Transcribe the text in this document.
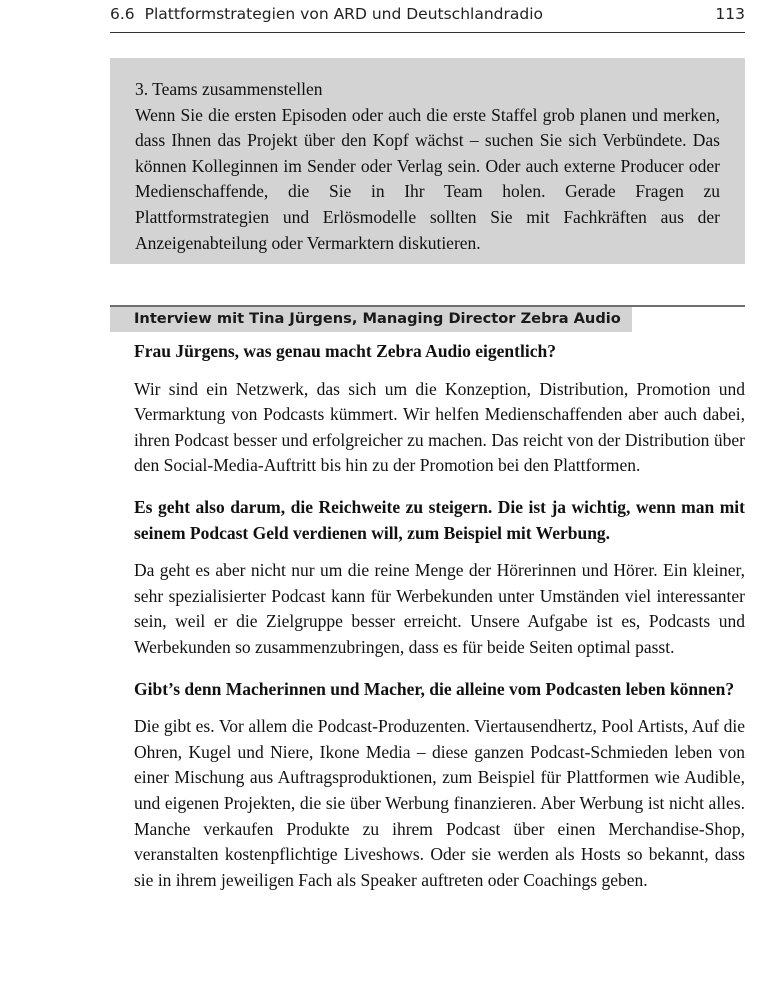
6.6 Plattformstrategien von ARD und Deutschlandradio	113
3. Teams zusammenstellen
Wenn Sie die ersten Episoden oder auch die erste Staffel grob planen und merken, dass Ihnen das Projekt über den Kopf wächst – suchen Sie sich Verbündete. Das können Kolleginnen im Sender oder Verlag sein. Oder auch externe Producer oder Medienschaffende, die Sie in Ihr Team holen. Gerade Fragen zu Plattformstrategien und Erlösmodelle sollten Sie mit Fachkräften aus der Anzeigenabteilung oder Vermarktern diskutieren.
Interview mit Tina Jürgens, Managing Director Zebra Audio

Frau Jürgens, was genau macht Zebra Audio eigentlich?

Wir sind ein Netzwerk, das sich um die Konzeption, Distribution, Promotion und Vermarktung von Podcasts kümmert. Wir helfen Medienschaffenden aber auch dabei, ihren Podcast besser und erfolgreicher zu machen. Das reicht von der Distribution über den Social-Media-Auftritt bis hin zu der Promotion bei den Plattformen.

Es geht also darum, die Reichweite zu steigern. Die ist ja wichtig, wenn man mit seinem Podcast Geld verdienen will, zum Beispiel mit Werbung.

Da geht es aber nicht nur um die reine Menge der Hörerinnen und Hörer. Ein kleiner, sehr spezialisierter Podcast kann für Werbekunden unter Umständen viel interessanter sein, weil er die Zielgruppe besser erreicht. Unsere Aufgabe ist es, Podcasts und Werbekunden so zusammenzubringen, dass es für beide Seiten optimal passt.

Gibt’s denn Macherinnen und Macher, die alleine vom Podcasten leben können?

Die gibt es. Vor allem die Podcast-Produzenten. Viertausendhertz, Pool Artists, Auf die Ohren, Kugel und Niere, Ikone Media – diese ganzen Podcast-Schmieden leben von einer Mischung aus Auftragsproduktionen, zum Beispiel für Plattformen wie Audible, und eigenen Projekten, die sie über Werbung finanzieren. Aber Werbung ist nicht alles. Manche verkaufen Produkte zu ihrem Podcast über einen Merchandise-Shop, veranstalten kostenpflichtige Liveshows. Oder sie werden als Hosts so bekannt, dass sie in ihrem jeweiligen Fach als Speaker auftreten oder Coachings geben.
